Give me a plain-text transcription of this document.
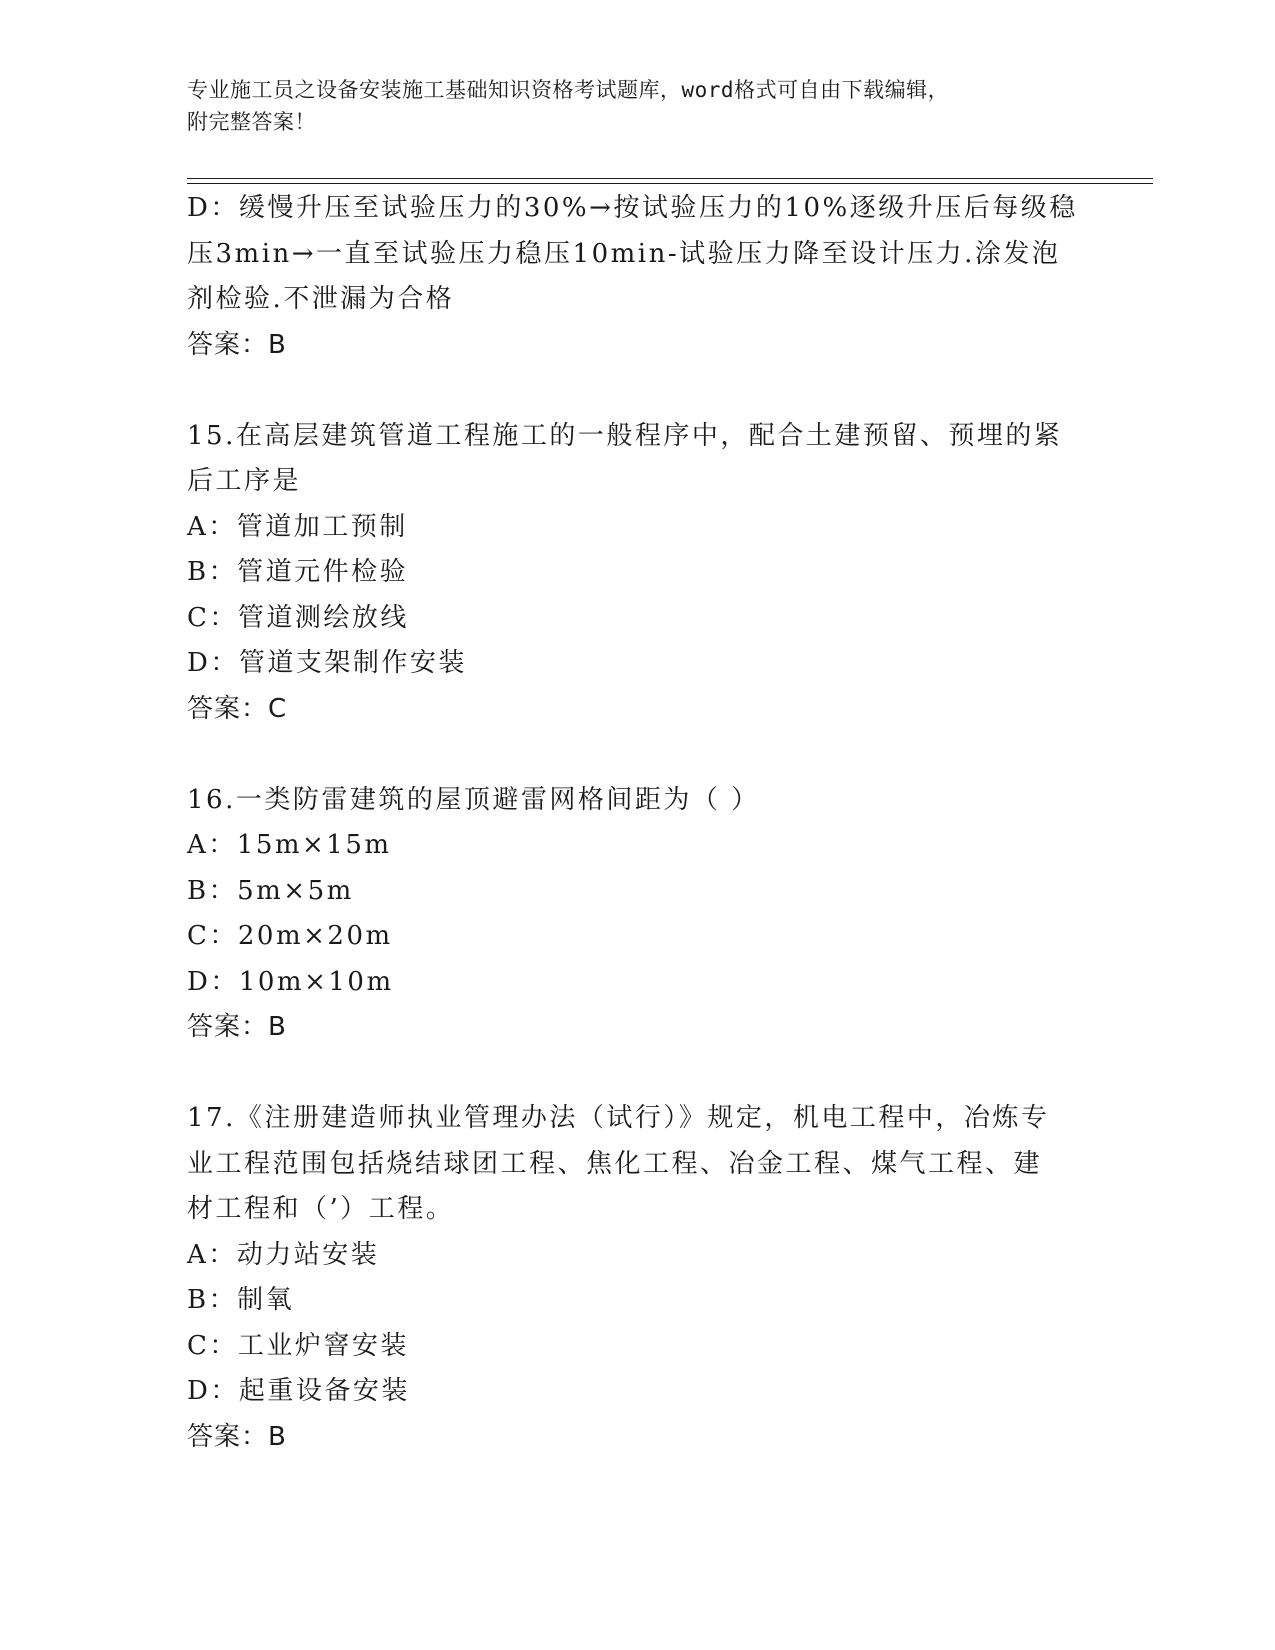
专业施工员之设备安装施工基础知识资格考试题库，word格式可自由下载编辑，
附完整答案！
D：缓慢升压至试验压力的30%→按试验压力的10%逐级升压后每级稳
压3min→一直至试验压力稳压10min-试验压力降至设计压力.涂发泡
剂检验.不泄漏为合格
答案：B
15.在高层建筑管道工程施工的一般程序中，配合土建预留、预埋的紧
后工序是
A：管道加工预制
B：管道元件检验
C：管道测绘放线
D：管道支架制作安装
答案：C
16.一类防雷建筑的屋顶避雷网格间距为（ ）
A：15m×15m
B：5m×5m
C：20m×20m
D：10m×10m
答案：B
17.《注册建造师执业管理办法（试行）》规定，机电工程中，冶炼专
业工程范围包括烧结球团工程、焦化工程、冶金工程、煤气工程、建
材工程和（’）工程。
A：动力站安装
B：制氧
C：工业炉窨安装
D：起重设备安装
答案：B
